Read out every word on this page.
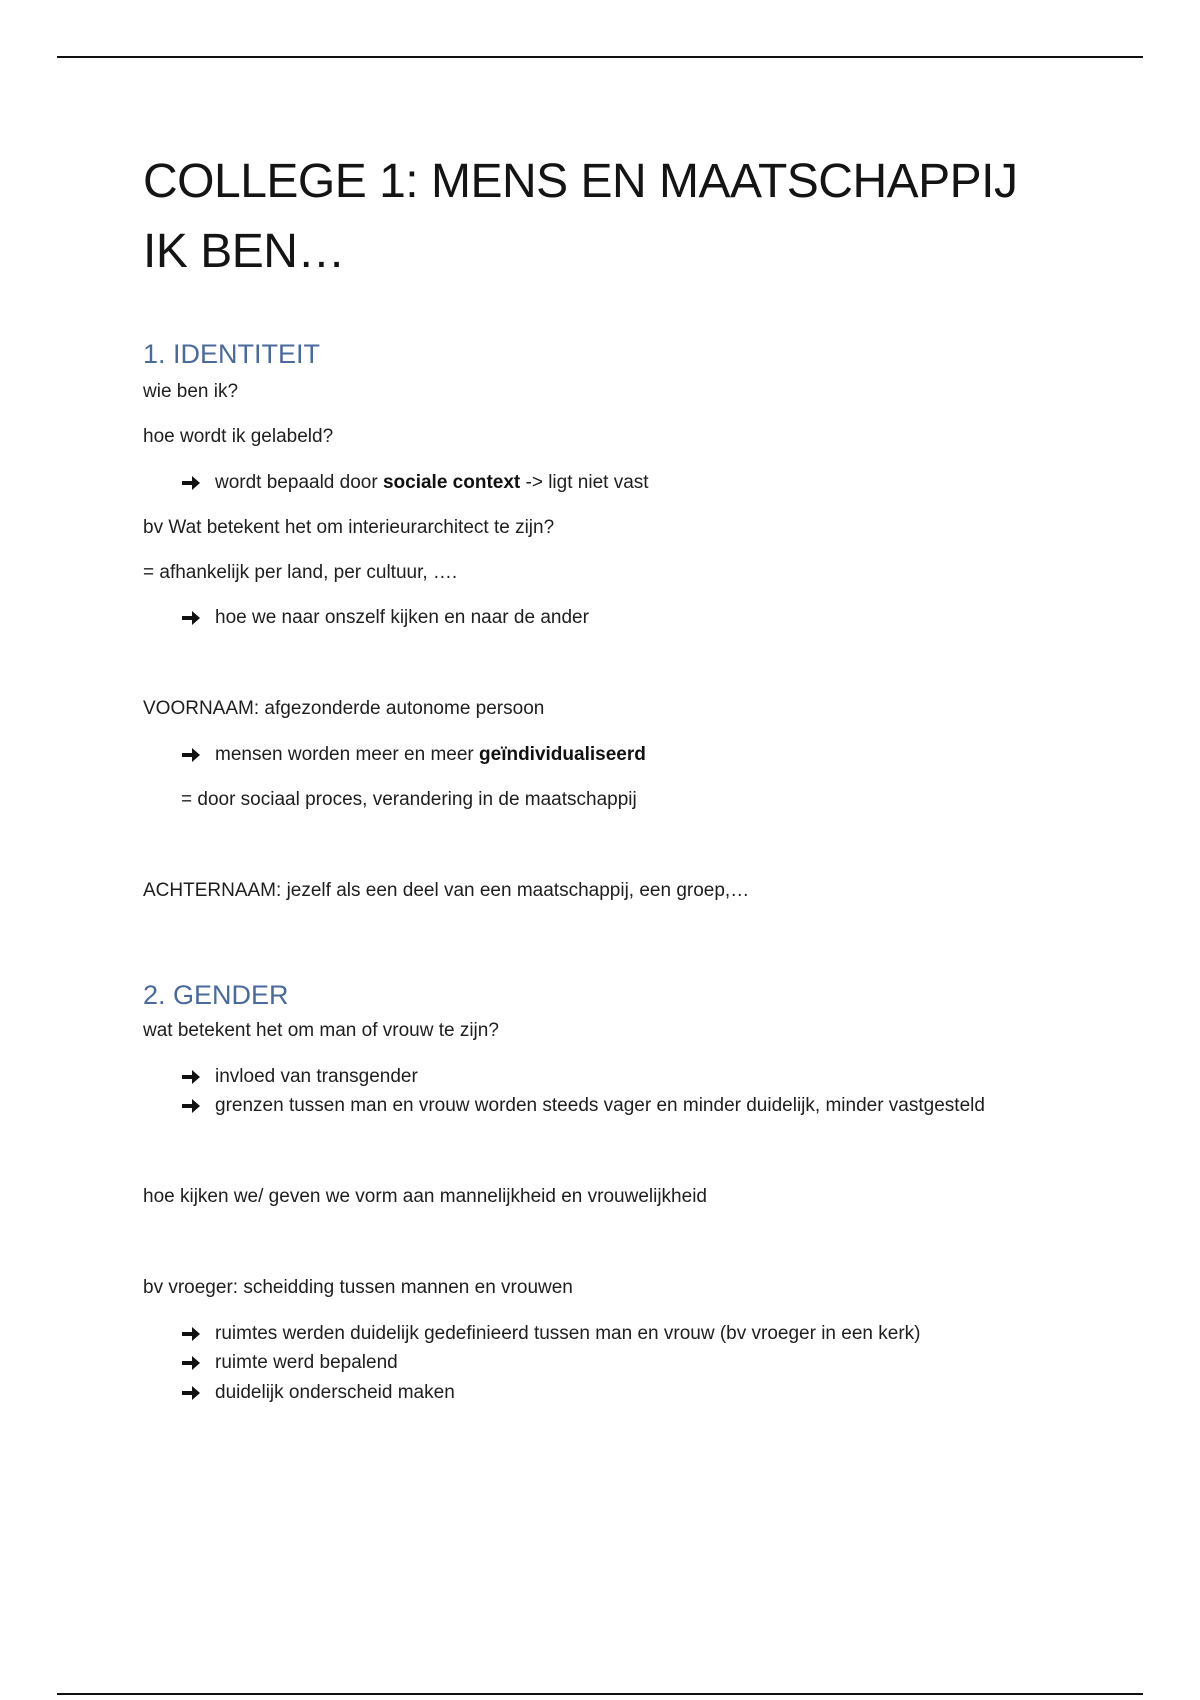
COLLEGE 1: MENS EN MAATSCHAPPIJ
IK BEN…
1. IDENTITEIT
wie ben ik?
hoe wordt ik gelabeld?
wordt bepaald door sociale context -> ligt niet vast
bv Wat betekent het om interieurarchitect te zijn?
= afhankelijk per land, per cultuur, ….
hoe we naar onszelf kijken en naar de ander
VOORNAAM: afgezonderde autonome persoon
mensen worden meer en meer geïndividualiseerd
= door sociaal proces, verandering in de maatschappij
ACHTERNAAM: jezelf als een deel van een maatschappij, een groep,…
2. GENDER
wat betekent het om man of vrouw te zijn?
invloed van transgender
grenzen tussen man en vrouw worden steeds vager en minder duidelijk, minder vastgesteld
hoe kijken we/ geven we vorm aan mannelijkheid en vrouwelijkheid
bv vroeger: scheidding tussen mannen en vrouwen
ruimtes werden duidelijk gedefinieerd tussen man en vrouw (bv vroeger in een kerk)
ruimte werd bepalend
duidelijk onderscheid maken
